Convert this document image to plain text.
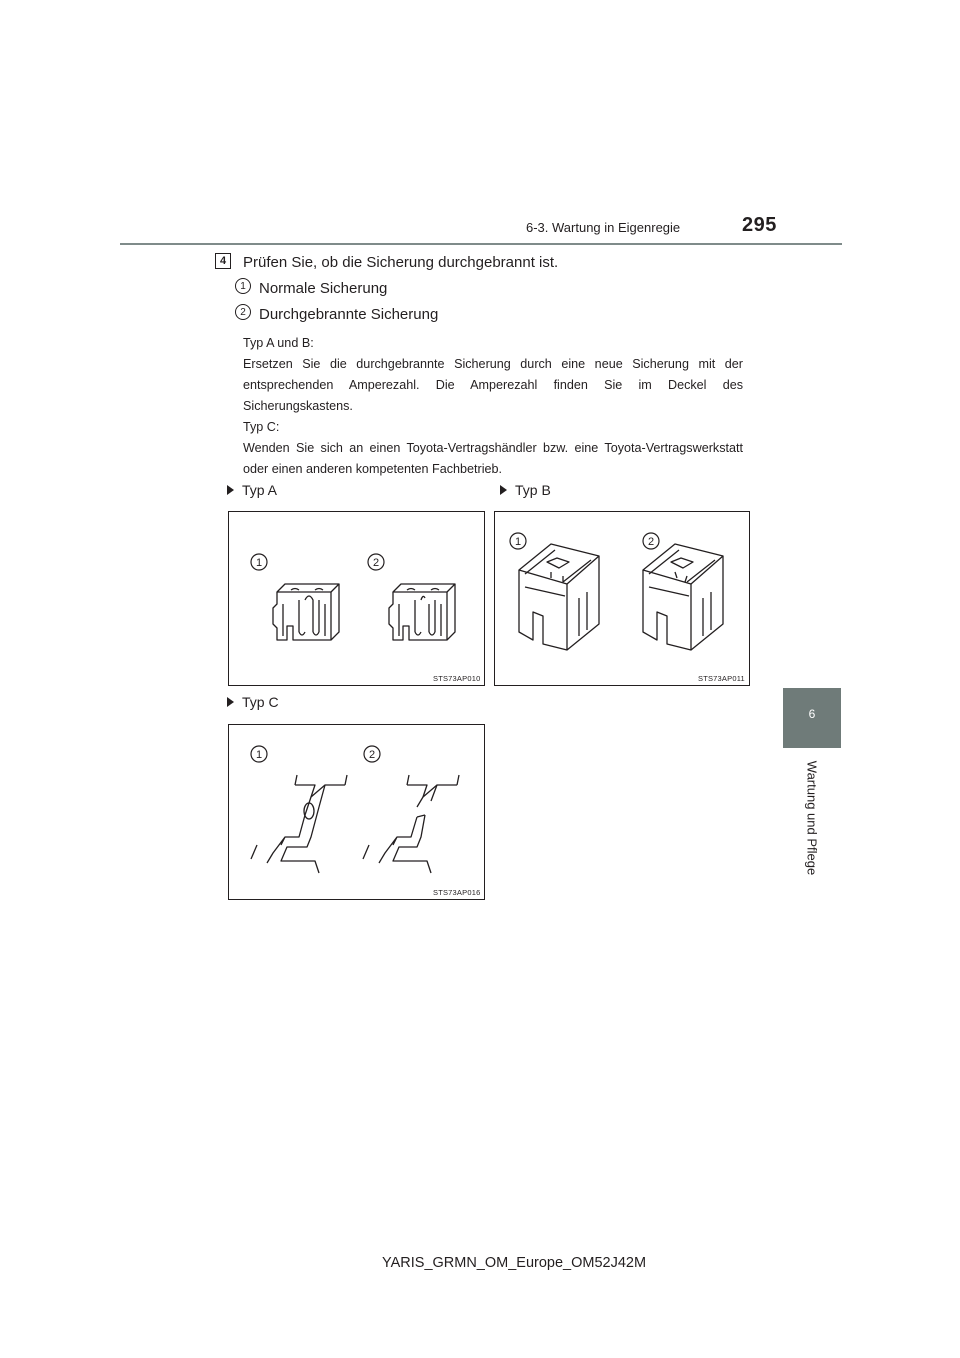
6-3. Wartung in Eigenregie	295
6
Wartung und Pflege
4	Prüfen Sie, ob die Sicherung durchgebrannt ist.
1 Normale Sicherung
2 Durchgebrannte Sicherung
Typ A und B:
Ersetzen Sie die durchgebrannte Sicherung durch eine neue Sicherung mit der entsprechenden Amperezahl. Die Amperezahl finden Sie im Deckel des Sicherungskastens.
Typ C:
Wenden Sie sich an einen Toyota-Vertragshändler bzw. eine Toyota-Vertragswerkstatt oder einen anderen kompetenten Fachbetrieb.
Typ A	Typ B
Typ C
1	2
STS73AP010
1	2
STS73AP011
1	2
STS73AP016
YARIS_GRMN_OM_Europe_OM52J42M
